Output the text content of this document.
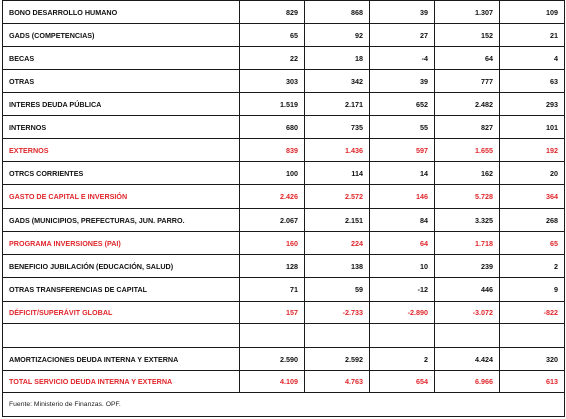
BONO DESARROLLO HUMANO	829	868	39	1.307	109
GADS (COMPETENCIAS)	65	92	27	152	21
BECAS	22	18	-4	64	4
OTRAS	303	342	39	777	63
INTERES DEUDA PÚBLICA	1.519	2.171	652	2.482	293
INTERNOS	680	735	55	827	101
EXTERNOS	839	1.436	597	1.655	192
OTRCS CORRIENTES	100	114	14	162	20
GASTO DE CAPITAL E INVERSIÓN	2.426	2.572	146	5.728	364
GADS (MUNICIPIOS, PREFECTURAS, JUN. PARRO.	2.067	2.151	84	3.325	268
PROGRAMA INVERSIONES (PAI)	160	224	64	1.718	65
BENEFICIO JUBILACIÓN (EDUCACIÓN, SALUD)	128	138	10	239	2
OTRAS TRANSFERENCIAS DE CAPITAL	71	59	-12	446	9
DÉFICIT/SUPERÁVIT GLOBAL	157	-2.733	-2.890	-3.072	-822

AMORTIZACIONES DEUDA INTERNA Y EXTERNA	2.590	2.592	2	4.424	320
TOTAL SERVICIO DEUDA INTERNA Y EXTERNA	4.109	4.763	654	6.966	613
Fuente: Ministerio de Finanzas. OPF.					
